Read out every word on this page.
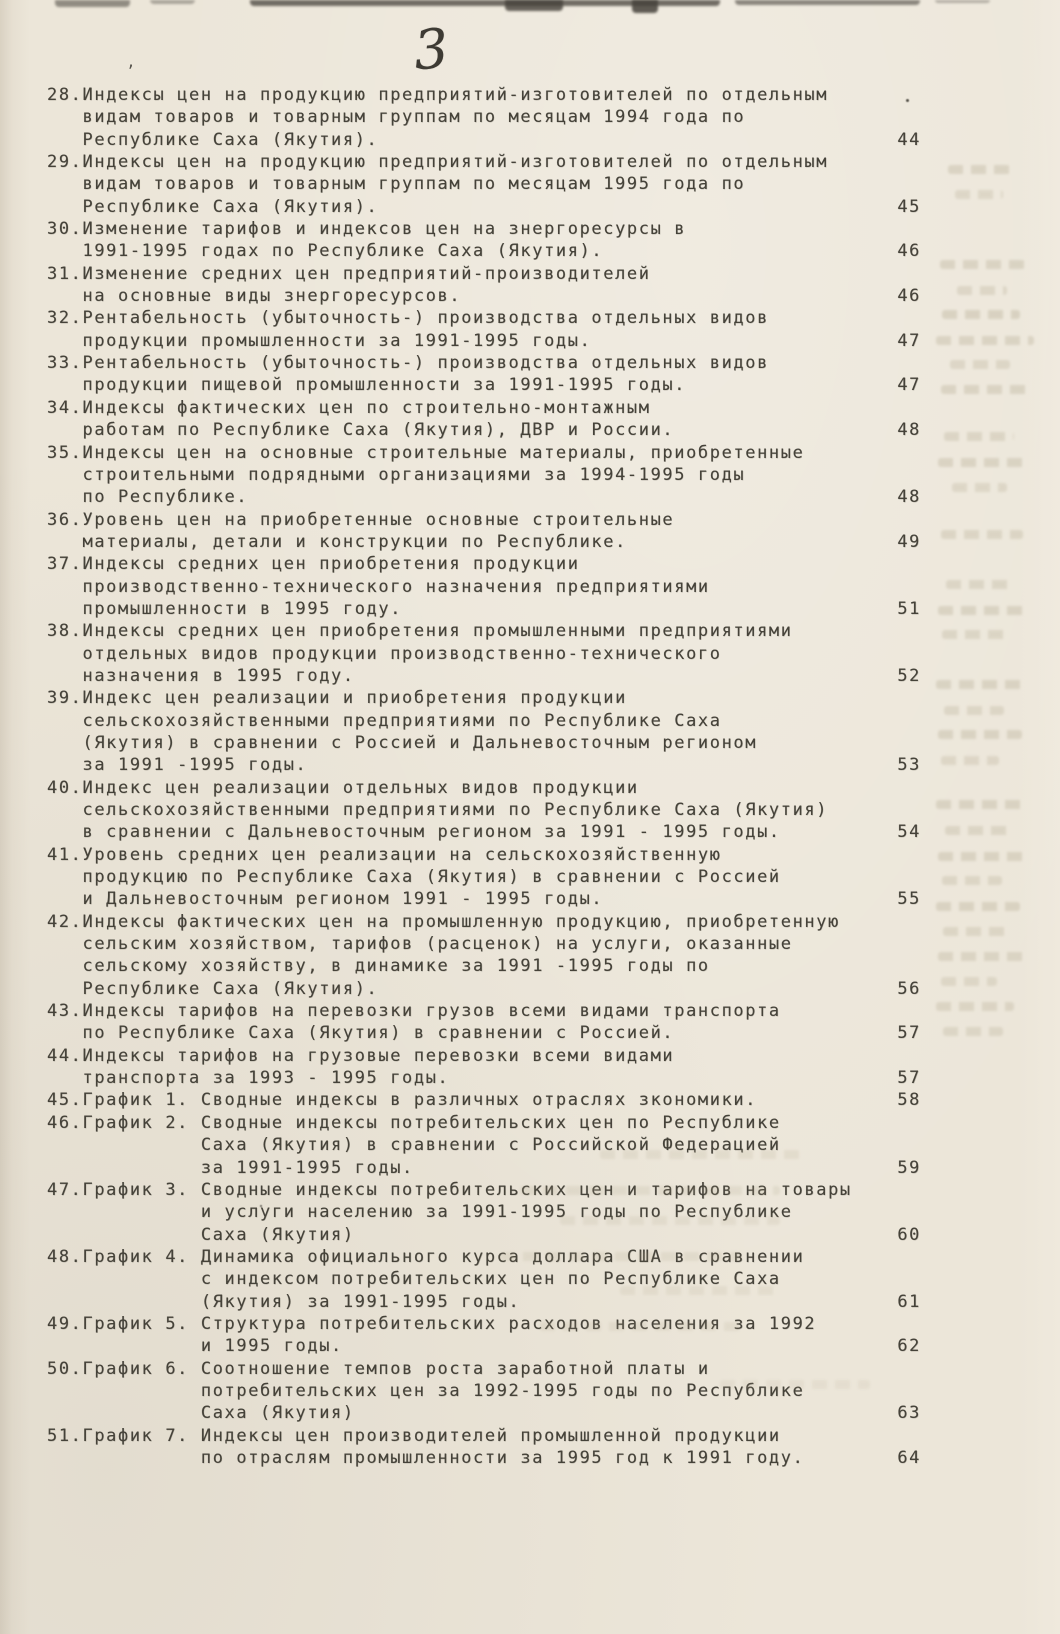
3
’
28.Индексы цен на продукцию предприятий-изготовителей по отдельным
видам товаров и товарным группам по месяцам 1994 года по
Республике Саха (Якутия).	44
29.Индексы цен на продукцию предприятий-изготовителей по отдельным
видам товаров и товарным группам по месяцам 1995 года по
Республике Саха (Якутия).	45
30.Изменение тарифов и индексов цен на знергоресурсы в
1991-1995 годах по Республике Саха (Якутия).	46
31.Изменение средних цен предприятий-производителей
на основные виды знергоресурсов.	46
32.Рентабельность (убыточность-) производства отдельных видов
продукции промышленности за 1991-1995 годы.	47
33.Рентабельность (убыточность-) производства отдельных видов
продукции пищевой промышленности за 1991-1995 годы.	47
34.Индексы фактических цен по строительно-монтажным
работам по Республике Саха (Якутия), ДВР и России.	48
35.Индексы цен на основные строительные материалы, приобретенные
строительными подрядными организациями за 1994-1995 годы
по Республике.	48
36.Уровень цен на приобретенные основные строительные
материалы, детали и конструкции по Республике.	49
37.Индексы средних цен приобретения продукции
производственно-технического назначения предприятиями
промышленности в 1995 году.	51
38.Индексы средних цен приобретения промышленными предприятиями
отдельных видов продукции производственно-технического
назначения в 1995 году.	52
39.Индекс цен реализации и приобретения продукции
сельскохозяйственными предприятиями по Республике Саха
(Якутия) в сравнении с Россией и Дальневосточным регионом
за 1991 -1995 годы.	53
40.Индекс цен реализации отдельных видов продукции
сельскохозяйственными предприятиями по Республике Саха (Якутия)
в сравнении с Дальневосточным регионом за 1991 - 1995 годы.	54
41.Уровень средних цен реализации на сельскохозяйственную
продукцию по Республике Саха (Якутия) в сравнении с Россией
и Дальневосточным регионом 1991 - 1995 годы.	55
42.Индексы фактических цен на промышленную продукцию, приобретенную
сельским хозяйством, тарифов (расценок) на услуги, оказанные
сельскому хозяйству, в динамике за 1991 -1995 годы по
Республике Саха (Якутия).	56
43.Индексы тарифов на перевозки грузов всеми видами транспорта
по Республике Саха (Якутия) в сравнении с Россией.	57
44.Индексы тарифов на грузовые перевозки всеми видами
транспорта за 1993 - 1995 годы.	57
45.График 1. Сводные индексы в различных отраслях зкономики.	58
46.График 2. Сводные индексы потребительских цен по Республике
Саха (Якутия) в сравнении с Российской Федерацией
за 1991-1995 годы.	59
47.График 3. Сводные индексы потребительских цен и тарифов на товары
и услуги населению за 1991-1995 годы по Республике
Саха (Якутия)	60
48.График 4. Динамика официального курса доллара США в сравнении
с индексом потребительских цен по Республике Саха
(Якутия) за 1991-1995 годы.	61
49.График 5. Структура потребительских расходов населения за 1992
и 1995 годы.	62
50.График 6. Соотношение темпов роста заработной платы и
потребительских цен за 1992-1995 годы по Республике
Саха (Якутия)	63
51.График 7. Индексы цен производителей промышленной продукции
по отраслям промышленности за 1995 год к 1991 году.	64
